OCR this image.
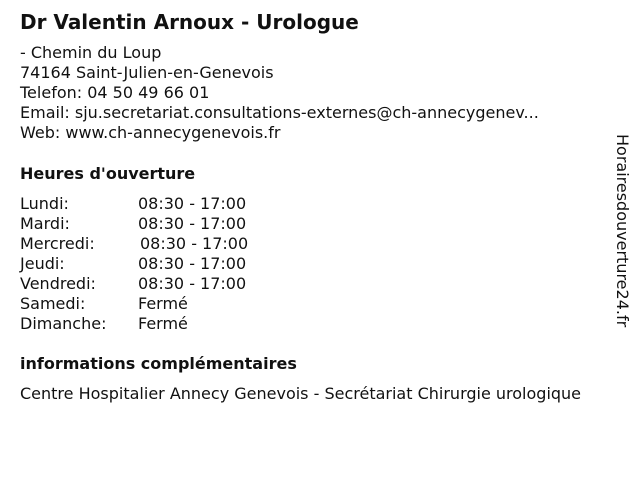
Dr Valentin Arnoux - Urologue
- Chemin du Loup
74164 Saint-Julien-en-Genevois
Telefon: 04 50 49 66 01
Email: sju.secretariat.consultations-externes@ch-annecygenev...
Web: www.ch-annecygenevois.fr
Heures d'ouverture
Lundi:	08:30 - 17:00
Mardi:	08:30 - 17:00
Mercredi:	08:30 - 17:00
Jeudi:	08:30 - 17:00
Vendredi:	08:30 - 17:00
Samedi:	Fermé
Dimanche: Fermé
informations complémentaires
Centre Hospitalier Annecy Genevois - Secrétariat Chirurgie urologique
Horairesdouverture24.fr
